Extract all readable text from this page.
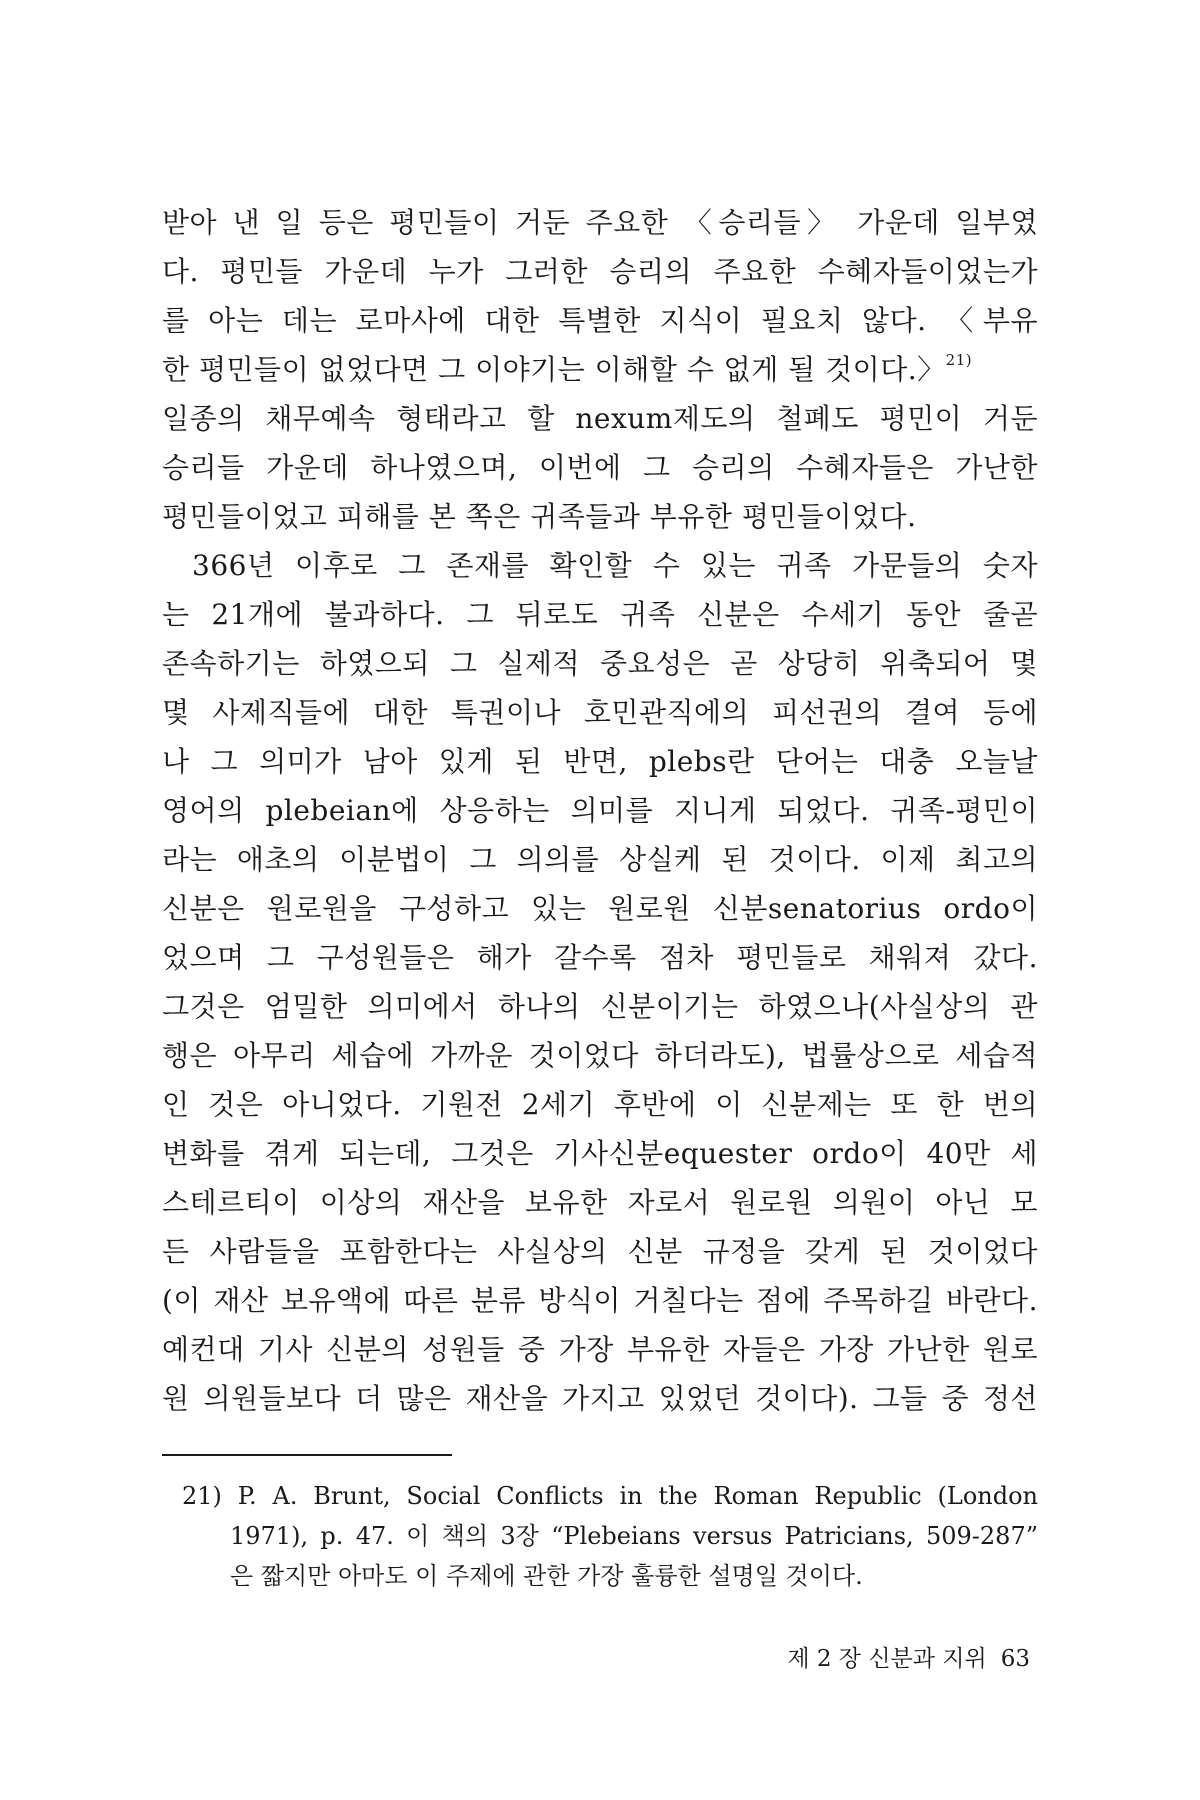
받아 낸 일 등은 평민들이 거둔 주요한 〈승리들〉 가운데 일부였
다. 평민들 가운데 누가 그러한 승리의 주요한 수혜자들이었는가
를 아는 데는 로마사에 대한 특별한 지식이 필요치 않다. 〈부유
한 평민들이 없었다면 그 이야기는 이해할 수 없게 될 것이다.〉$^{21)}$
일종의 채무예속 형태라고 할 nexum제도의 철폐도 평민이 거둔
승리들 가운데 하나였으며, 이번에 그 승리의 수혜자들은 가난한
평민들이었고 피해를 본 쪽은 귀족들과 부유한 평민들이었다.
366년 이후로 그 존재를 확인할 수 있는 귀족 가문들의 숫자
는 21개에 불과하다. 그 뒤로도 귀족 신분은 수세기 동안 줄곧
존속하기는 하였으되 그 실제적 중요성은 곧 상당히 위축되어 몇
몇 사제직들에 대한 특권이나 호민관직에의 피선권의 결여 등에
나 그 의미가 남아 있게 된 반면, plebs란 단어는 대충 오늘날
영어의 plebeian에 상응하는 의미를 지니게 되었다. 귀족-평민이
라는 애초의 이분법이 그 의의를 상실케 된 것이다. 이제 최고의
신분은 원로원을 구성하고 있는 원로원 신분senatorius ordo이
었으며 그 구성원들은 해가 갈수록 점차 평민들로 채워져 갔다.
그것은 엄밀한 의미에서 하나의 신분이기는 하였으나(사실상의 관
행은 아무리 세습에 가까운 것이었다 하더라도), 법률상으로 세습적
인 것은 아니었다. 기원전 2세기 후반에 이 신분제는 또 한 번의
변화를 겪게 되는데, 그것은 기사신분equester ordo이 40만 세
스테르티이 이상의 재산을 보유한 자로서 원로원 의원이 아닌 모
든 사람들을 포함한다는 사실상의 신분 규정을 갖게 된 것이었다
(이 재산 보유액에 따른 분류 방식이 거칠다는 점에 주목하길 바란다.
예컨대 기사 신분의 성원들 중 가장 부유한 자들은 가장 가난한 원로
원 의원들보다 더 많은 재산을 가지고 있었던 것이다). 그들 중 정선
21) P. A. Brunt, Social Conflicts in the Roman Republic (London
1971), p. 47. 이 책의 3장 “Plebeians versus Patricians, 509-287”
은 짧지만 아마도 이 주제에 관한 가장 훌륭한 설명일 것이다.
제 2 장 신분과 지위 63
